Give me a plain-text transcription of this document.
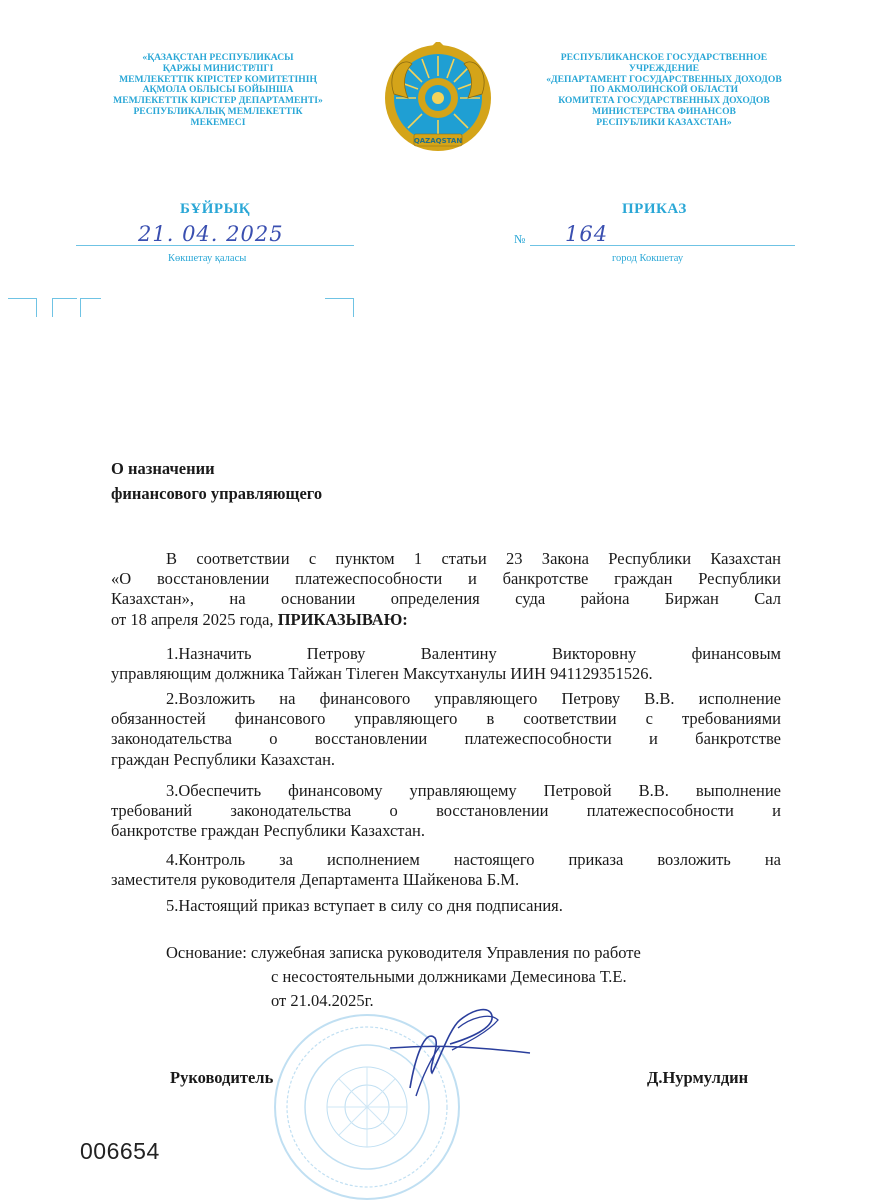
«ҚАЗАҚСТАН РЕСПУБЛИКАСЫ
ҚАРЖЫ МИНИСТРЛІГІ
МЕМЛЕКЕТТІК КІРІСТЕР КОМИТЕТІНІҢ
АҚМОЛА ОБЛЫСЫ БОЙЫНША
МЕМЛЕКЕТТІК КІРІСТЕР ДЕПАРТАМЕНТІ»
РЕСПУБЛИКАЛЫҚ МЕМЛЕКЕТТІК
МЕКЕМЕСІ
QAZAQSTAN
РЕСПУБЛИКАНСКОЕ ГОСУДАРСТВЕННОЕ
УЧРЕЖДЕНИЕ
«ДЕПАРТАМЕНТ ГОСУДАРСТВЕННЫХ ДОХОДОВ
ПО АКМОЛИНСКОЙ ОБЛАСТИ
КОМИТЕТА ГОСУДАРСТВЕННЫХ ДОХОДОВ
МИНИСТЕРСТВА ФИНАНСОВ
РЕСПУБЛИКИ КАЗАХСТАН»
БҰЙРЫҚ	ПРИКАЗ
21. 04. 2025
Көкшетау қаласы
№ 164
город Кокшетау
О назначении
финансового управляющего
В соответствии с пунктом 1 статьи 23 Закона Республики Казахстан
«О восстановлении платежеспособности и банкротстве граждан Республики
Казахстан», на основании определения суда района Биржан Сал
от 18 апреля 2025 года, ПРИКАЗЫВАЮ:
1.Назначить Петрову Валентину Викторовну финансовым
управляющим должника Тайжан Тілеген Максутханулы ИИН 941129351526.
2.Возложить на финансового управляющего Петрову В.В. исполнение
обязанностей финансового управляющего в соответствии с требованиями
законодательства о восстановлении платежеспособности и банкротстве
граждан Республики Казахстан.
3.Обеспечить финансовому управляющему Петровой В.В. выполнение
требований законодательства о восстановлении платежеспособности и
банкротстве граждан Республики Казахстан.
4.Контроль за исполнением настоящего приказа возложить на
заместителя руководителя Департамента Шайкенова Б.М.
5.Настоящий приказ вступает в силу со дня подписания.
Основание: служебная записка руководителя Управления по работе
с несостоятельными должниками Демесинова Т.Е.
от 21.04.2025г.
Руководитель	Д.Нурмулдин
006654
